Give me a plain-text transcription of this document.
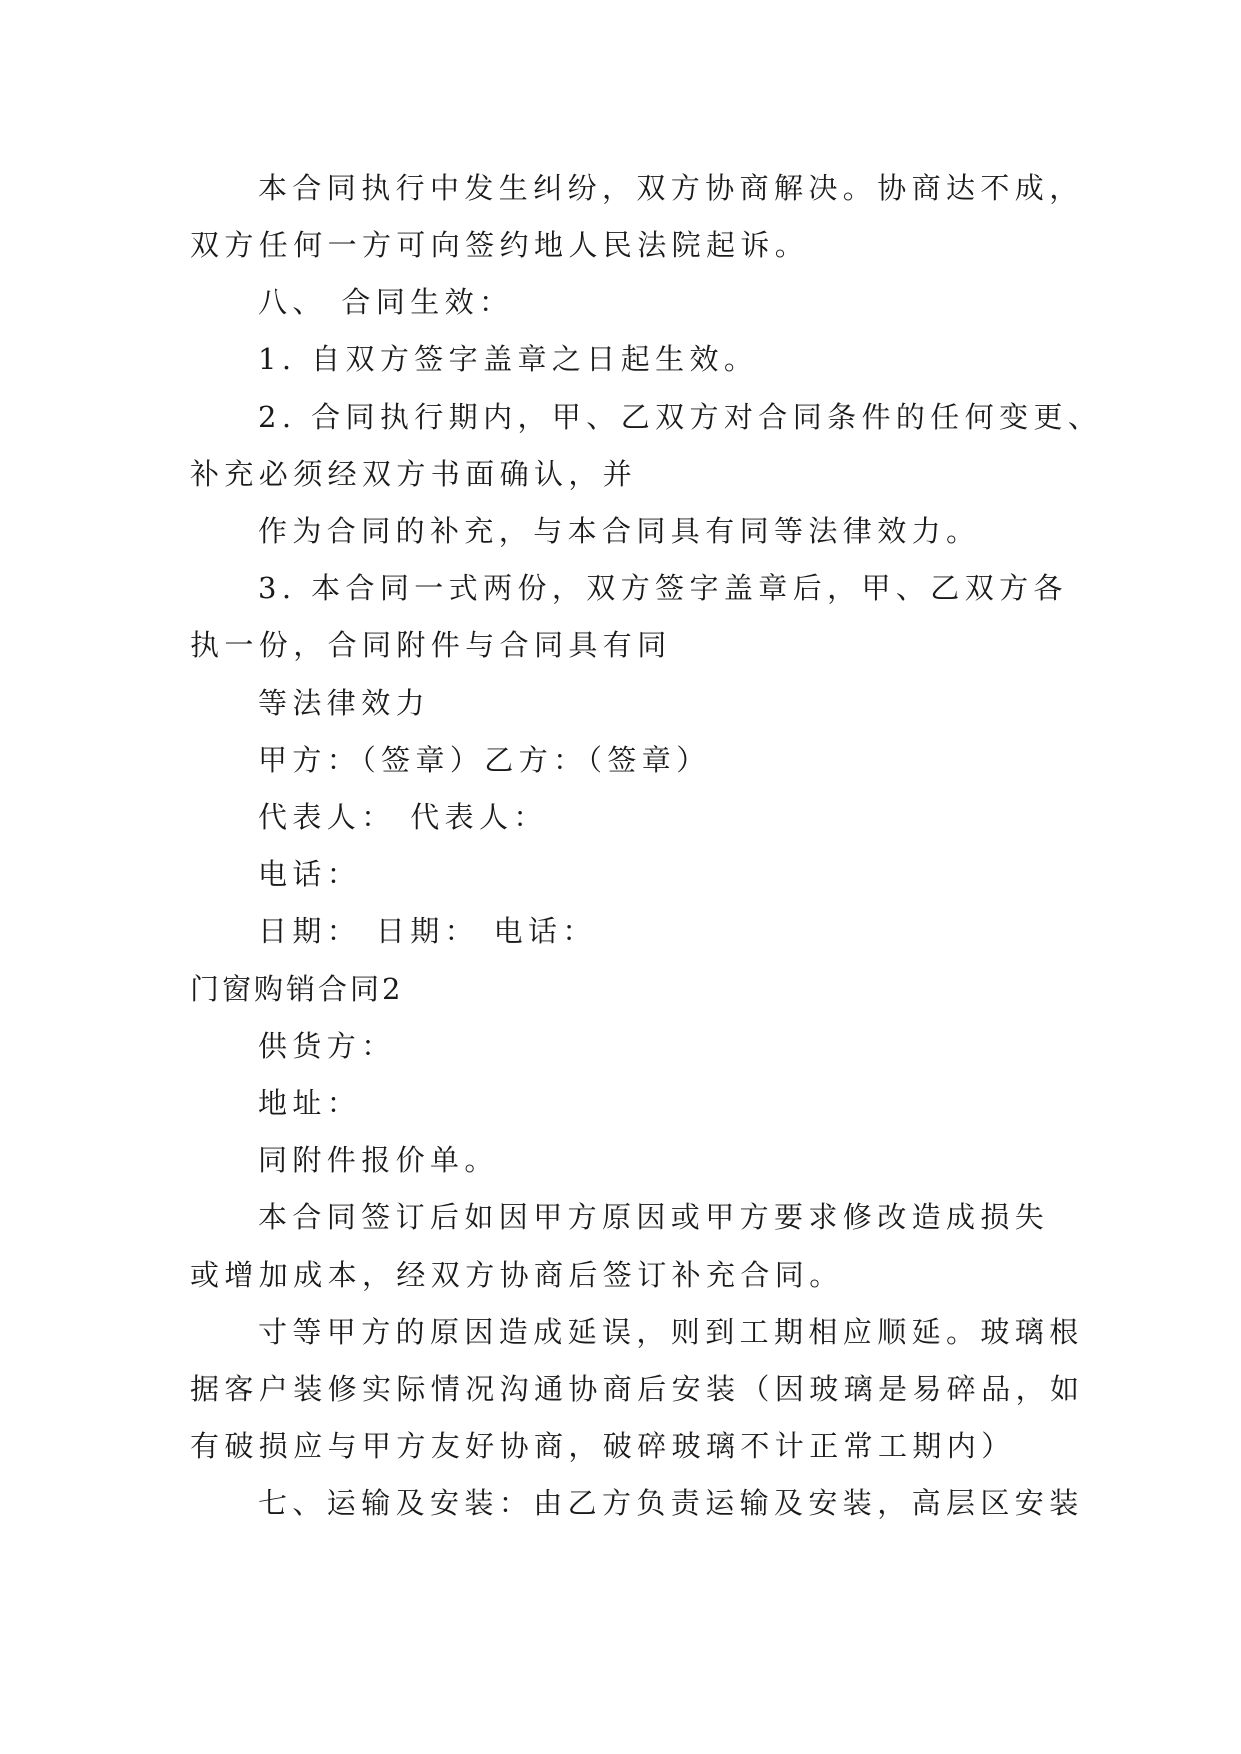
本合同执行中发生纠纷，双方协商解决。协商达不成，
双方任何一方可向签约地人民法院起诉。
八、 合同生效：
1. 自双方签字盖章之日起生效。
2. 合同执行期内，甲、乙双方对合同条件的任何变更、
补充必须经双方书面确认，并
作为合同的补充，与本合同具有同等法律效力。
3. 本合同一式两份，双方签字盖章后，甲、乙双方各
执一份，合同附件与合同具有同
等法律效力
甲方：（签章）乙方：（签章）
代表人： 代表人：
电话：
日期： 日期： 电话：
门窗购销合同2
供货方：
地址：
同附件报价单。
本合同签订后如因甲方原因或甲方要求修改造成损失
或增加成本，经双方协商后签订补充合同。
寸等甲方的原因造成延误，则到工期相应顺延。玻璃根
据客户装修实际情况沟通协商后安装（因玻璃是易碎品，如
有破损应与甲方友好协商，破碎玻璃不计正常工期内）
七、运输及安装：由乙方负责运输及安装，高层区安装
